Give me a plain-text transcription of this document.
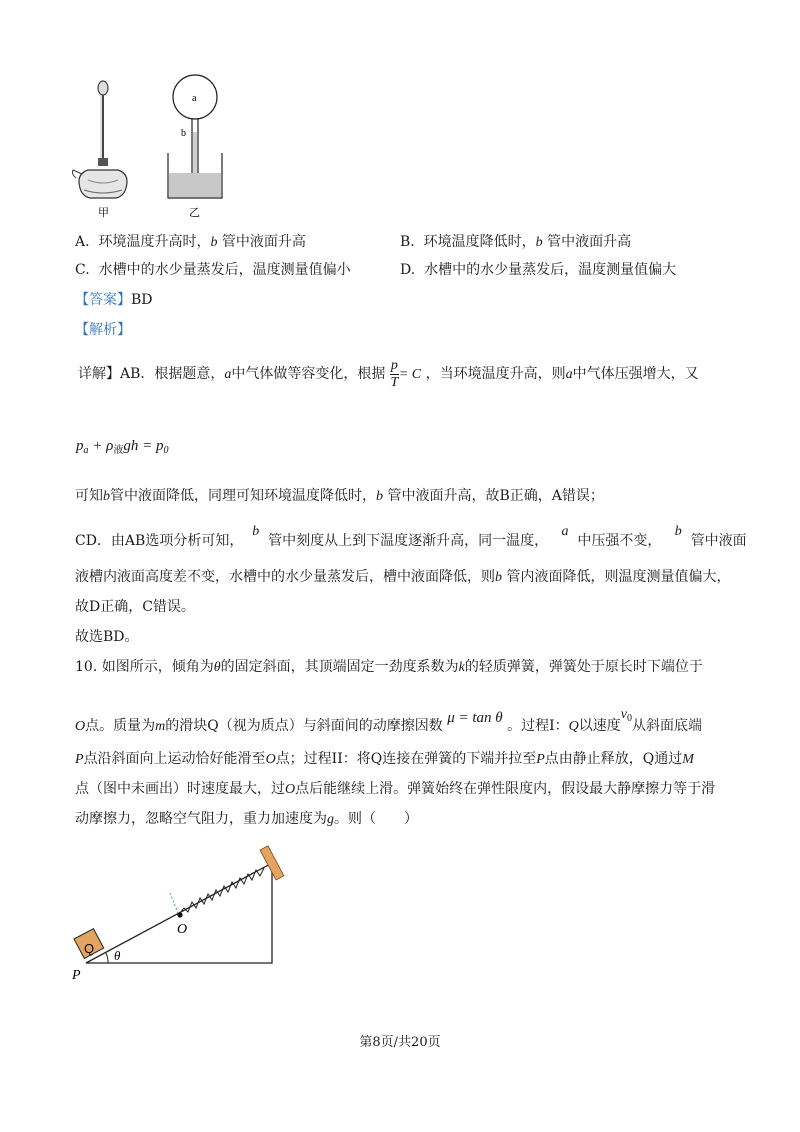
甲
a
b
乙
A. 环境温度升高时，b 管中液面升高	B. 环境温度降低时，b 管中液面升高
C. 水槽中的水少量蒸发后，温度测量值偏小	D. 水槽中的水少量蒸发后，温度测量值偏大
【答案】BD
【解析】
详解】AB．根据题意，a中气体做等容变化，根据 $\frac{p}{T} = C$ ，当环境温度升高，则a中气体压强增大，又
$p_a + \rho_液gh = p_0$
可知b管中液面降低，同理可知环境温度降低时，b 管中液面升高，故B正确，A错误；
CD．由AB选项分析可知，  b  管中刻度从上到下温度逐渐升高，同一温度，   a  中压强不变，   b  管中液面
液槽内液面高度差不变，水槽中的水少量蒸发后，槽中液面降低，则b 管内液面降低，则温度测量值偏大，
故D正确，C错误。
故选BD。
10. 如图所示，倾角为θ的固定斜面，其顶端固定一劲度系数为k的轻质弹簧，弹簧处于原长时下端位于
O点。质量为m的滑块Q（视为质点）与斜面间的动摩擦因数 μ = tan θ 。过程I：Q以速度$v_0$从斜面底端
P点沿斜面向上运动恰好能滑至O点；过程II：将Q连接在弹簧的下端并拉至P点由静止释放，Q通过M
点（图中未画出）时速度最大，过O点后能继续上滑。弹簧始终在弹性限度内，假设最大静摩擦力等于滑
动摩擦力，忽略空气阻力，重力加速度为g。则（　　）
O
Q θ
P
第8页/共20页
